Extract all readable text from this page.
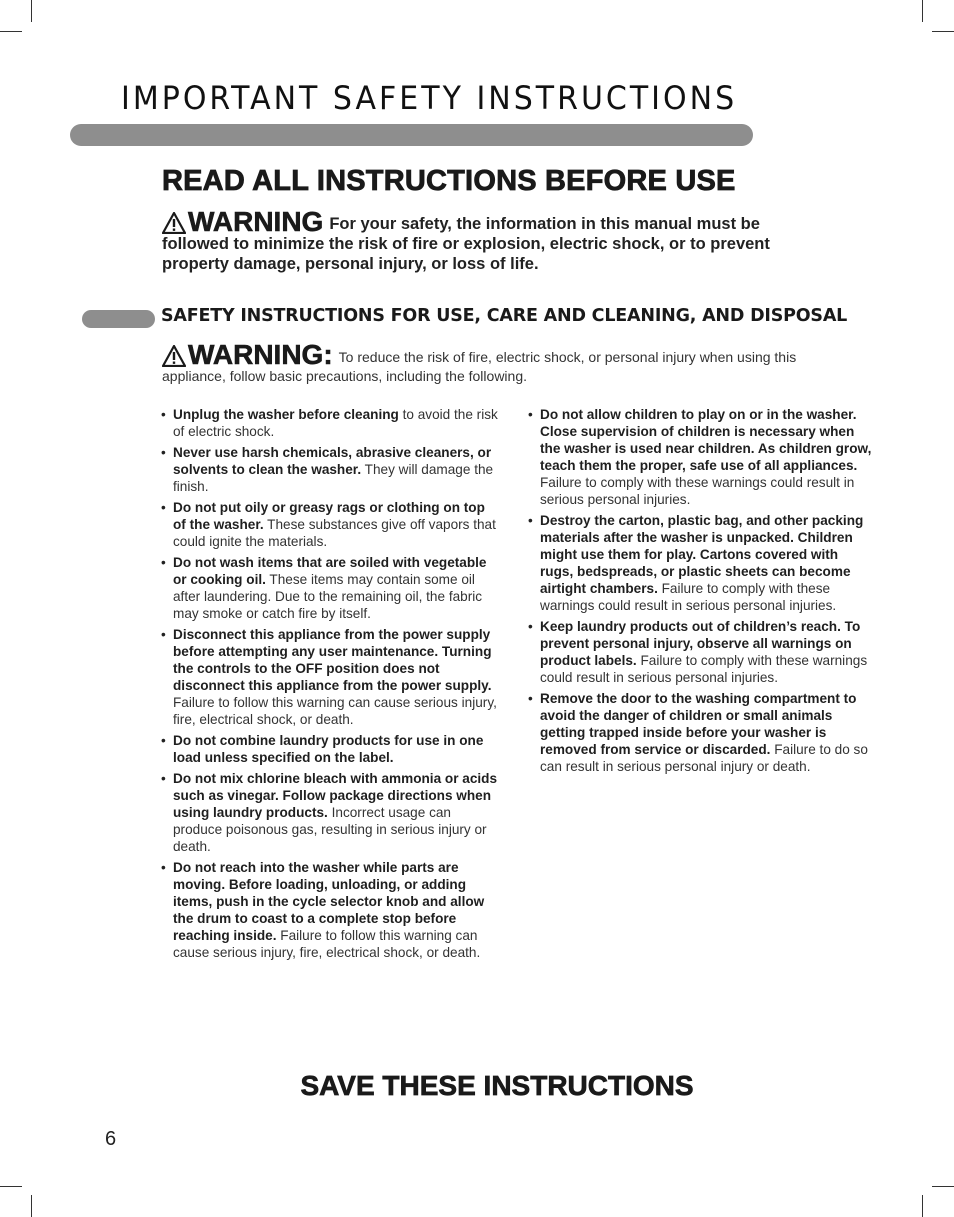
IMPORTANT SAFETY INSTRUCTIONS
READ ALL INSTRUCTIONS BEFORE USE
WARNING For your safety, the information in this manual must be followed to minimize the risk of fire or explosion, electric shock, or to prevent property damage, personal injury, or loss of life.
SAFETY INSTRUCTIONS FOR USE, CARE AND CLEANING, AND DISPOSAL
WARNING: To reduce the risk of fire, electric shock, or personal injury when using this appliance, follow basic precautions, including the following.
• Unplug the washer before cleaning to avoid the risk of electric shock.
• Never use harsh chemicals, abrasive cleaners, or solvents to clean the washer. They will damage the finish.
• Do not put oily or greasy rags or clothing on top of the washer. These substances give off vapors that could ignite the materials.
• Do not wash items that are soiled with vegetable or cooking oil. These items may contain some oil after laundering. Due to the remaining oil, the fabric may smoke or catch fire by itself.
• Disconnect this appliance from the power supply before attempting any user maintenance. Turning the controls to the OFF position does not disconnect this appliance from the power supply. Failure to follow this warning can cause serious injury, fire, electrical shock, or death.
• Do not combine laundry products for use in one load unless specified on the label.
• Do not mix chlorine bleach with ammonia or acids such as vinegar. Follow package directions when using laundry products. Incorrect usage can produce poisonous gas, resulting in serious injury or death.
• Do not reach into the washer while parts are moving. Before loading, unloading, or adding items, push in the cycle selector knob and allow the drum to coast to a complete stop before reaching inside. Failure to follow this warning can cause serious injury, fire, electrical shock, or death.
• Do not allow children to play on or in the washer. Close supervision of children is necessary when the washer is used near children. As children grow, teach them the proper, safe use of all appliances. Failure to comply with these warnings could result in serious personal injuries.
• Destroy the carton, plastic bag, and other packing materials after the washer is unpacked. Children might use them for play. Cartons covered with rugs, bedspreads, or plastic sheets can become airtight chambers. Failure to comply with these warnings could result in serious personal injuries.
• Keep laundry products out of children’s reach. To prevent personal injury, observe all warnings on product labels. Failure to comply with these warnings could result in serious personal injuries.
• Remove the door to the washing compartment to avoid the danger of children or small animals getting trapped inside before your washer is removed from service or discarded. Failure to do so can result in serious personal injury or death.
SAVE THESE INSTRUCTIONS
6
